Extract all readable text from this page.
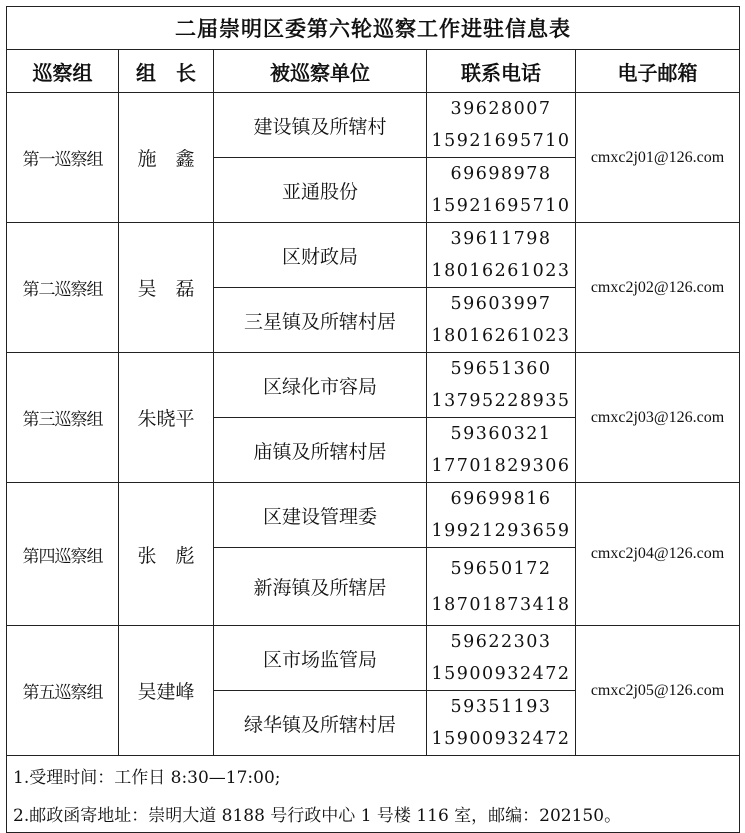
二届崇明区委第六轮巡察工作进驻信息表				
巡察组	组　长	被巡察单位	联系电话	电子邮箱
第一巡察组	施　鑫	建设镇及所辖村	39628007
15921695710	cmxc2j01@126.com
		亚通股份	69698978
15921695710	

第二巡察组	吴　磊	区财政局	39611798
18016261023	cmxc2j02@126.com
		三星镇及所辖村居	59603997
18016261023	

第三巡察组	朱晓平	区绿化市容局	59651360
13795228935	cmxc2j03@126.com
		庙镇及所辖村居	59360321
17701829306	

第四巡察组	张　彪	区建设管理委	69699816
19921293659	cmxc2j04@126.com
		新海镇及所辖居	59650172
18701873418	

第五巡察组	吴建峰	区市场监管局	59622303
15900932472	cmxc2j05@126.com
		绿华镇及所辖村居	59351193
15900932472	

1.受理时间：工作日 8:30—17:00;				
2.邮政函寄地址：崇明大道 8188 号行政中心 1 号楼 116 室，邮编：202150。				
